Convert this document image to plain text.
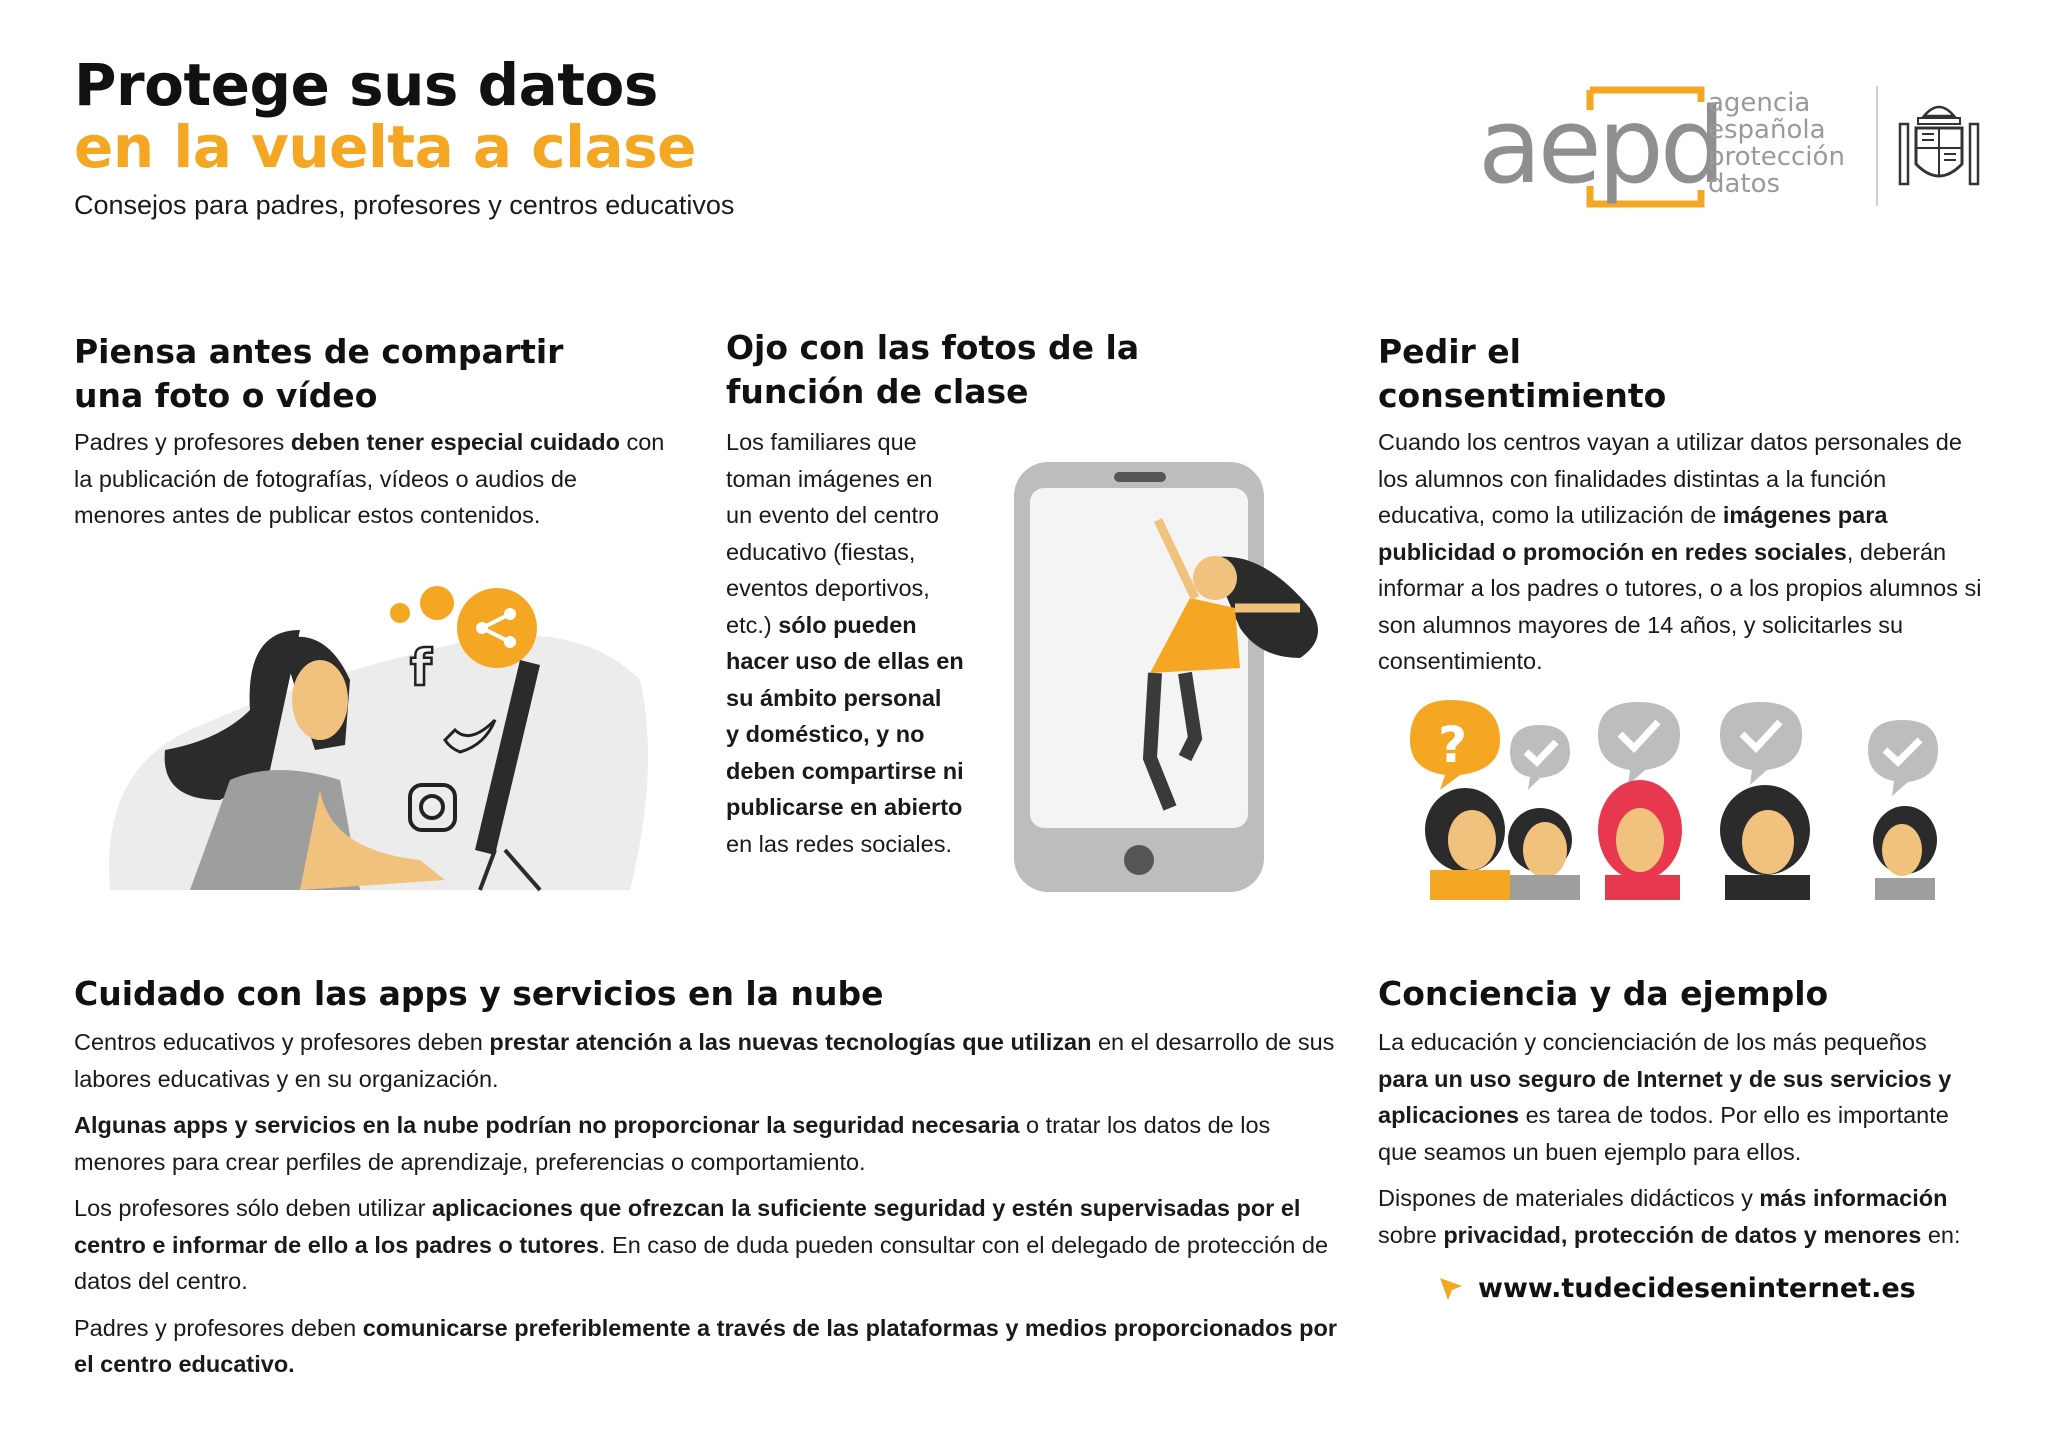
Protege sus datos
en la vuelta a clase
Consejos para padres, profesores y centros educativos	aepd
agencia
española
protección
datos
Piensa antes de compartir
una foto o vídeo
Padres y profesores deben tener especial cuidado con la publicación de fotografías, vídeos o audios de menores antes de publicar estos contenidos.
f
Ojo con las fotos de la
función de clase
Los familiares que
toman imágenes en
un evento del centro
educativo (fiestas,
eventos deportivos,
etc.) sólo pueden
hacer uso de ellas en
su ámbito personal
y doméstico, y no
deben compartirse ni
publicarse en abierto
en las redes sociales.
Pedir el
consentimiento
Cuando los centros vayan a utilizar datos personales de los alumnos con finalidades distintas a la función educativa, como la utilización de imágenes para publicidad o promoción en redes sociales, deberán informar a los padres o tutores, o a los propios alumnos si son alumnos mayores de 14 años, y solicitarles su consentimiento.
?
Cuidado con las apps y servicios en la nube

Centros educativos y profesores deben prestar atención a las nuevas tecnologías que utilizan en el desarrollo de sus labores educativas y en su organización.

Algunas apps y servicios en la nube podrían no proporcionar la seguridad necesaria o tratar los datos de los menores para crear perfiles de aprendizaje, preferencias o comportamiento.

Los profesores sólo deben utilizar aplicaciones que ofrezcan la suficiente seguridad y estén supervisadas por el centro e informar de ello a los padres o tutores. En caso de duda pueden consultar con el delegado de protección de datos del centro.

Padres y profesores deben comunicarse preferiblemente a través de las plataformas y medios proporcionados por el centro educativo.

Conciencia y da ejemplo

La educación y concienciación de los más pequeños para un uso seguro de Internet y de sus servicios y aplicaciones es tarea de todos. Por ello es importante que seamos un buen ejemplo para ellos.

Dispones de materiales didácticos y más información sobre privacidad, protección de datos y menores en:

www.tudecideseninternet.es
